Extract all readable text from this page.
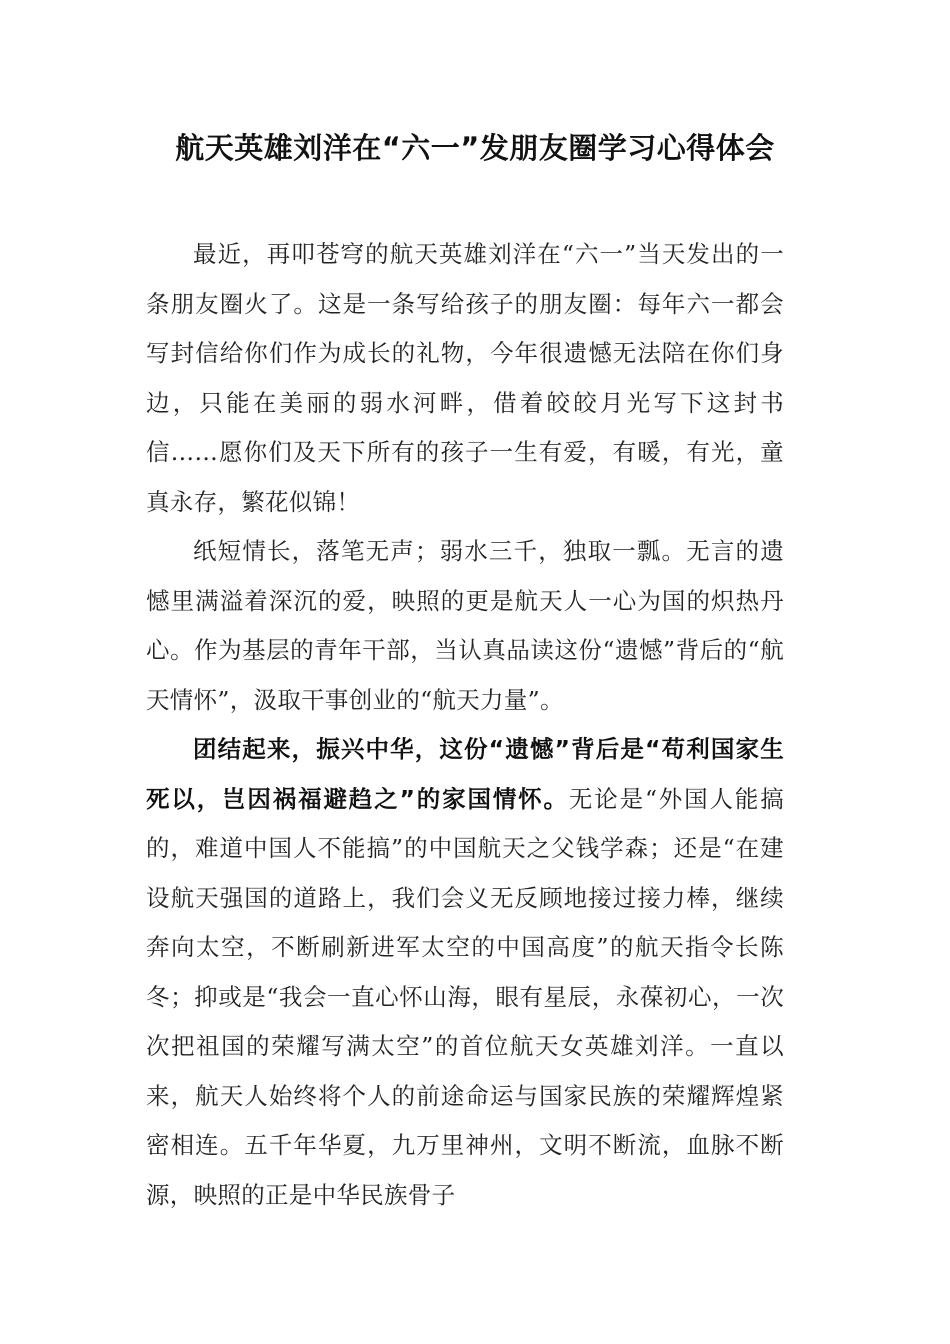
航天英雄刘洋在“六一”发朋友圈学习心得体会

最近，再叩苍穹的航天英雄刘洋在“六一”当天发出的一条朋友圈火了。这是一条写给孩子的朋友圈：每年六一都会写封信给你们作为成长的礼物，今年很遗憾无法陪在你们身边，只能在美丽的弱水河畔，借着皎皎月光写下这封书信……愿你们及天下所有的孩子一生有爱，有暖，有光，童真永存，繁花似锦！

纸短情长，落笔无声；弱水三千，独取一瓢。无言的遗憾里满溢着深沉的爱，映照的更是航天人一心为国的炽热丹心。作为基层的青年干部，当认真品读这份“遗憾”背后的“航天情怀”，汲取干事创业的“航天力量”。

团结起来，振兴中华，这份“遗憾”背后是“苟利国家生死以，岂因祸福避趋之”的家国情怀。无论是“外国人能搞的，难道中国人不能搞”的中国航天之父钱学森；还是“在建设航天强国的道路上，我们会义无反顾地接过接力棒，继续奔向太空，不断刷新进军太空的中国高度”的航天指令长陈冬；抑或是“我会一直心怀山海，眼有星辰，永葆初心，一次次把祖国的荣耀写满太空”的首位航天女英雄刘洋。一直以来，航天人始终将个人的前途命运与国家民族的荣耀辉煌紧密相连。五千年华夏，九万里神州，文明不断流，血脉不断源，映照的正是中华民族骨子
